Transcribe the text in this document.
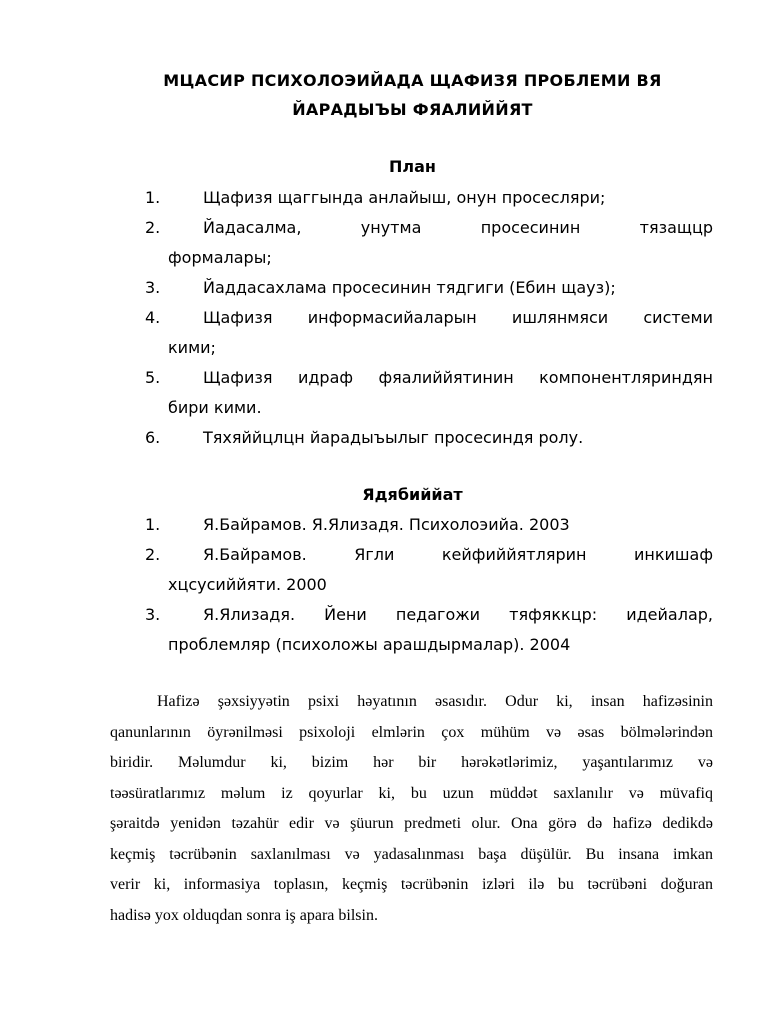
МЦАСИР ПСИХОЛОЭИЙАДА ЩАФИЗЯ ПРОБЛЕМИ ВЯ
ЙАРАДЫЪЫ ФЯАЛИЙЙЯТ
План
1.	Щафизя щаггында анлайыш, онун просесляри;
2.	Йадасалма, унутма просесинин тязащцр
формалары;
3.	Йаддасахлама просесинин тядгиги (Ебин щауз);
4.	Щафизя информасийаларын ишлянмяси системи
кими;
5.	Щафизя идраф фяалиййятинин компонентляриндян
бири кими.
6.	Тяхяййцлцн йарадыъылыг просесиндя ролу.
Ядябиййат
1.	Я.Байрамов. Я.Ялизадя. Психолоэийа. 2003
2.	Я.Байрамов. Ягли кейфиййятлярин инкишаф
хцсусиййяти. 2000
3.	Я.Ялизадя. Йени педагожи тяфяккцр: идейалар,
проблемляр (психоложы арашдырмалар). 2004
Hafizə şəxsiyyətin psixi həyatının əsasıdır. Odur ki, insan hafizəsinin
qanunlarının öyrənilməsi psixoloji elmlərin çox mühüm və əsas bölmələrindən
biridir. Məlumdur ki, bizim hər bir hərəkətlərimiz, yaşantılarımız və
təəsüratlarımız məlum iz qoyurlar ki, bu uzun müddət saxlanılır və müvafiq
şəraitdə yenidən təzahür edir və şüurun predmeti olur. Ona görə də hafizə dedikdə
keçmiş təcrübənin saxlanılması və yadasalınması başa düşülür. Bu insana imkan
verir ki, informasiya toplasın, keçmiş təcrübənin izləri ilə bu təcrübəni doğuran
hadisə yox olduqdan sonra iş apara bilsin.
